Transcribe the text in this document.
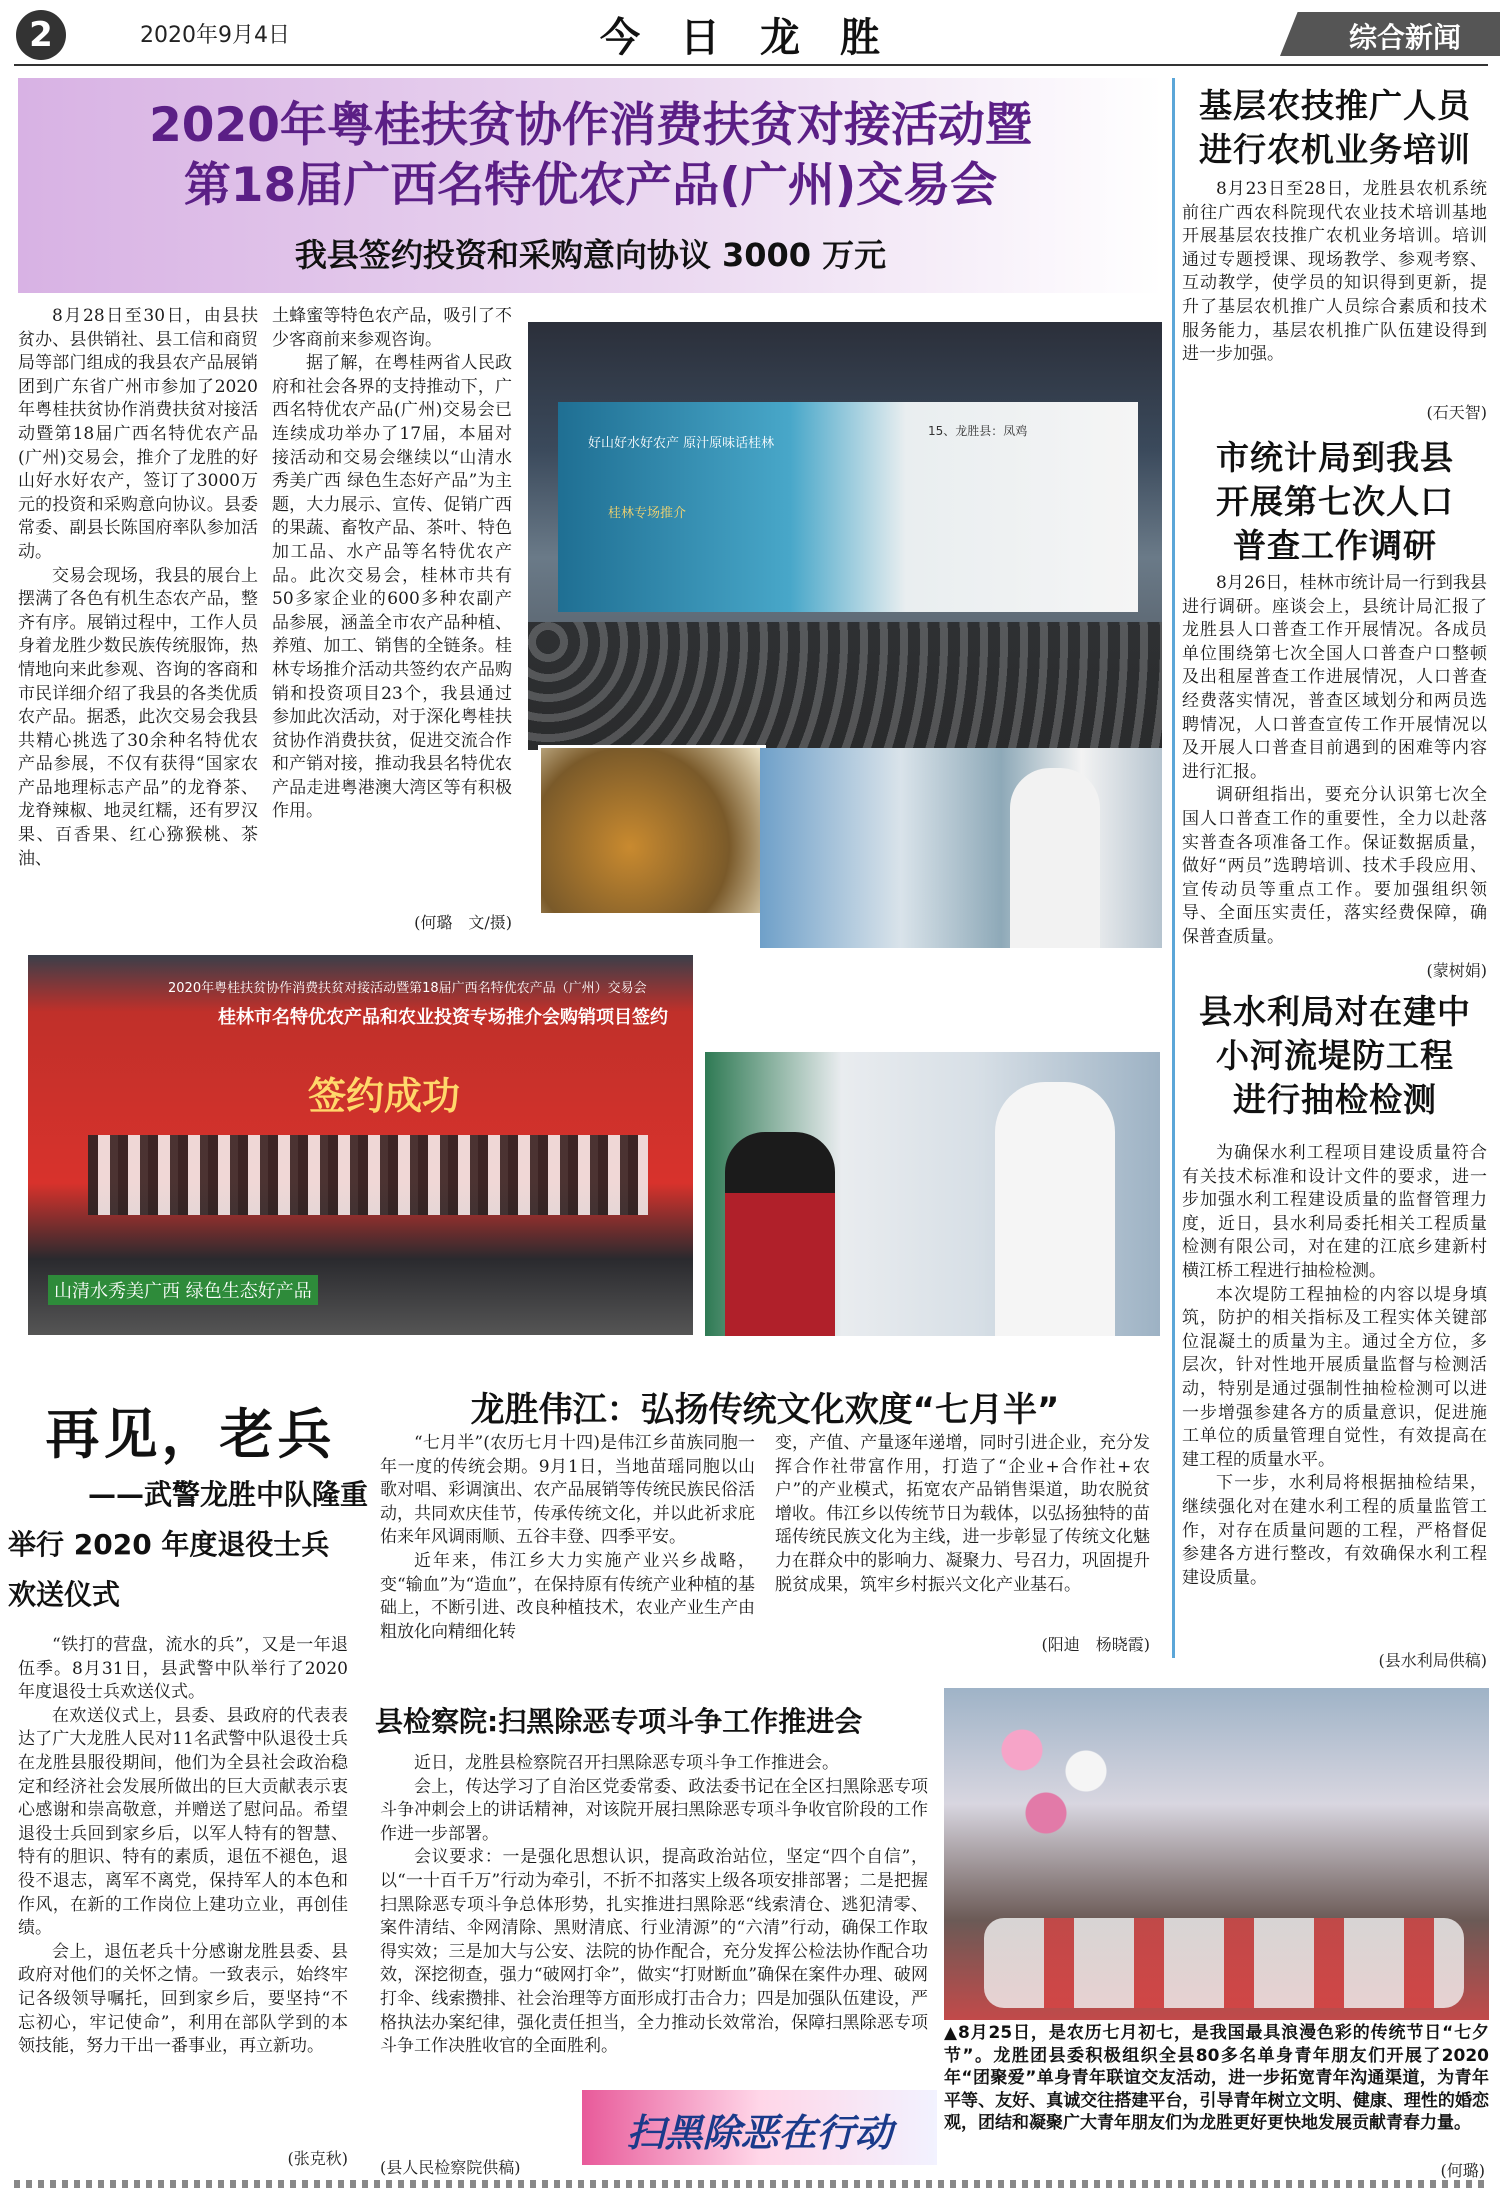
2	2020年9月4日	今日龙胜	综合新闻
2020年粤桂扶贫协作消费扶贫对接活动暨
第18届广西名特优农产品(广州)交易会
我县签约投资和采购意向协议 3000 万元

8月28日至30日，由县扶贫办、县供销社、县工信和商贸局等部门组成的我县农产品展销团到广东省广州市参加了2020年粤桂扶贫协作消费扶贫对接活动暨第18届广西名特优农产品(广州)交易会，推介了龙胜的好山好水好农产，签订了3000万元的投资和采购意向协议。县委常委、副县长陈国府率队参加活动。

交易会现场，我县的展台上摆满了各色有机生态农产品，整齐有序。展销过程中，工作人员身着龙胜少数民族传统服饰，热情地向来此参观、咨询的客商和市民详细介绍了我县的各类优质农产品。据悉，此次交易会我县共精心挑选了30余种名特优农产品参展，不仅有获得“国家农产品地理标志产品”的龙脊茶、龙脊辣椒、地灵红糯，还有罗汉果、百香果、红心猕猴桃、茶油、

土蜂蜜等特色农产品，吸引了不少客商前来参观咨询。

据了解，在粤桂两省人民政府和社会各界的支持推动下，广西名特优农产品(广州)交易会已连续成功举办了17届，本届对接活动和交易会继续以“山清水秀美广西 绿色生态好产品”为主题，大力展示、宣传、促销广西的果蔬、畜牧产品、茶叶、特色加工品、水产品等名特优农产品。此次交易会，桂林市共有50多家企业的600多种农副产品参展，涵盖全市农产品种植、养殖、加工、销售的全链条。桂林专场推介活动共签约农产品购销和投资项目23个，我县通过参加此次活动，对于深化粤桂扶贫协作消费扶贫，促进交流合作和产销对接，推动我县名特优农产品走进粤港澳大湾区等有积极作用。

(何璐　文/摄)
好山好水好农产 原汁原味话桂林
桂林专场推介
15、龙胜县：凤鸡
2020年粤桂扶贫协作消费扶贫对接活动暨第18届广西名特优农产品（广州）交易会
桂林市名特优农产品和农业投资专场推介会购销项目签约
签约成功
山清水秀美广西 绿色生态好产品
基层农技推广人员
进行农机业务培训

8月23日至28日，龙胜县农机系统前往广西农科院现代农业技术培训基地开展基层农技推广农机业务培训。培训通过专题授课、现场教学、参观考察、互动教学，使学员的知识得到更新，提升了基层农机推广人员综合素质和技术服务能力，基层农机推广队伍建设得到进一步加强。

(石天智)
市统计局到我县
开展第七次人口
普查工作调研

8月26日，桂林市统计局一行到我县进行调研。座谈会上，县统计局汇报了龙胜县人口普查工作开展情况。各成员单位围绕第七次全国人口普查户口整顿及出租屋普查工作进展情况，人口普查经费落实情况，普查区域划分和两员选聘情况，人口普查宣传工作开展情况以及开展人口普查目前遇到的困难等内容进行汇报。

调研组指出，要充分认识第七次全国人口普查工作的重要性，全力以赴落实普查各项准备工作。保证数据质量，做好“两员”选聘培训、技术手段应用、宣传动员等重点工作。要加强组织领导、全面压实责任，落实经费保障，确保普查质量。

(蒙树娟)
县水利局对在建中
小河流堤防工程
进行抽检检测

为确保水利工程项目建设质量符合有关技术标准和设计文件的要求，进一步加强水利工程建设质量的监督管理力度，近日，县水利局委托相关工程质量检测有限公司，对在建的江底乡建新村横江桥工程进行抽检检测。

本次堤防工程抽检的内容以堤身填筑，防护的相关指标及工程实体关键部位混凝土的质量为主。通过全方位，多层次，针对性地开展质量监督与检测活动，特别是通过强制性抽检检测可以进一步增强参建各方的质量意识，促进施工单位的质量管理自觉性，有效提高在建工程的质量水平。

下一步，水利局将根据抽检结果，继续强化对在建水利工程的质量监管工作，对存在质量问题的工程，严格督促参建各方进行整改，有效确保水利工程建设质量。

(县水利局供稿)
再见，老兵
——武警龙胜中队隆重
举行 2020 年度退役士兵
欢送仪式

“铁打的营盘，流水的兵”，又是一年退伍季。8月31日，县武警中队举行了2020年度退役士兵欢送仪式。

在欢送仪式上，县委、县政府的代表表达了广大龙胜人民对11名武警中队退役士兵在龙胜县服役期间，他们为全县社会政治稳定和经济社会发展所做出的巨大贡献表示衷心感谢和崇高敬意，并赠送了慰问品。希望退役士兵回到家乡后，以军人特有的智慧、特有的胆识、特有的素质，退伍不褪色，退役不退志，离军不离党，保持军人的本色和作风，在新的工作岗位上建功立业，再创佳绩。

会上，退伍老兵十分感谢龙胜县委、县政府对他们的关怀之情。一致表示，始终牢记各级领导嘱托，回到家乡后，要坚持“不忘初心，牢记使命”，利用在部队学到的本领技能，努力干出一番事业，再立新功。

(张克秋)
龙胜伟江：弘扬传统文化欢度“七月半”

“七月半”(农历七月十四)是伟江乡苗族同胞一年一度的传统会期。9月1日，当地苗瑶同胞以山歌对唱、彩调演出、农产品展销等传统民族民俗活动，共同欢庆佳节，传承传统文化，并以此祈求庇佑来年风调雨顺、五谷丰登、四季平安。

近年来，伟江乡大力实施产业兴乡战略，变“输血”为“造血”，在保持原有传统产业种植的基础上，不断引进、改良种植技术，农业产业生产由粗放化向精细化转

变，产值、产量逐年递增，同时引进企业，充分发挥合作社带富作用，打造了“企业+合作社+农户”的产业模式，拓宽农产品销售渠道，助农脱贫增收。伟江乡以传统节日为载体，以弘扬独特的苗瑶传统民族文化为主线，进一步彰显了传统文化魅力在群众中的影响力、凝聚力、号召力，巩固提升脱贫成果，筑牢乡村振兴文化产业基石。

(阳迪　杨晓霞)
县检察院:扫黑除恶专项斗争工作推进会

近日，龙胜县检察院召开扫黑除恶专项斗争工作推进会。

会上，传达学习了自治区党委常委、政法委书记在全区扫黑除恶专项斗争冲刺会上的讲话精神，对该院开展扫黑除恶专项斗争收官阶段的工作作进一步部署。

会议要求：一是强化思想认识，提高政治站位，坚定“四个自信”，以“一十百千万”行动为牵引，不折不扣落实上级各项安排部署；二是把握扫黑除恶专项斗争总体形势，扎实推进扫黑除恶“线索清仓、逃犯清零、案件清结、伞网清除、黑财清底、行业清源”的“六清”行动，确保工作取得实效；三是加大与公安、法院的协作配合，充分发挥公检法协作配合功效，深挖彻查，强力“破网打伞”，做实“打财断血”确保在案件办理、破网打伞、线索攒排、社会治理等方面形成打击合力；四是加强队伍建设，严格执法办案纪律，强化责任担当，全力推动长效常治，保障扫黑除恶专项斗争工作决胜收官的全面胜利。

(县人民检察院供稿)
扫黑除恶在行动
▲8月25日，是农历七月初七，是我国最具浪漫色彩的传统节日“七夕节”。龙胜团县委积极组织全县80多名单身青年朋友们开展了2020年“团聚爱”单身青年联谊交友活动，进一步拓宽青年沟通渠道，为青年平等、友好、真诚交往搭建平台，引导青年树立文明、健康、理性的婚恋观，团结和凝聚广大青年朋友们为龙胜更好更快地发展贡献青春力量。
(何璐)
